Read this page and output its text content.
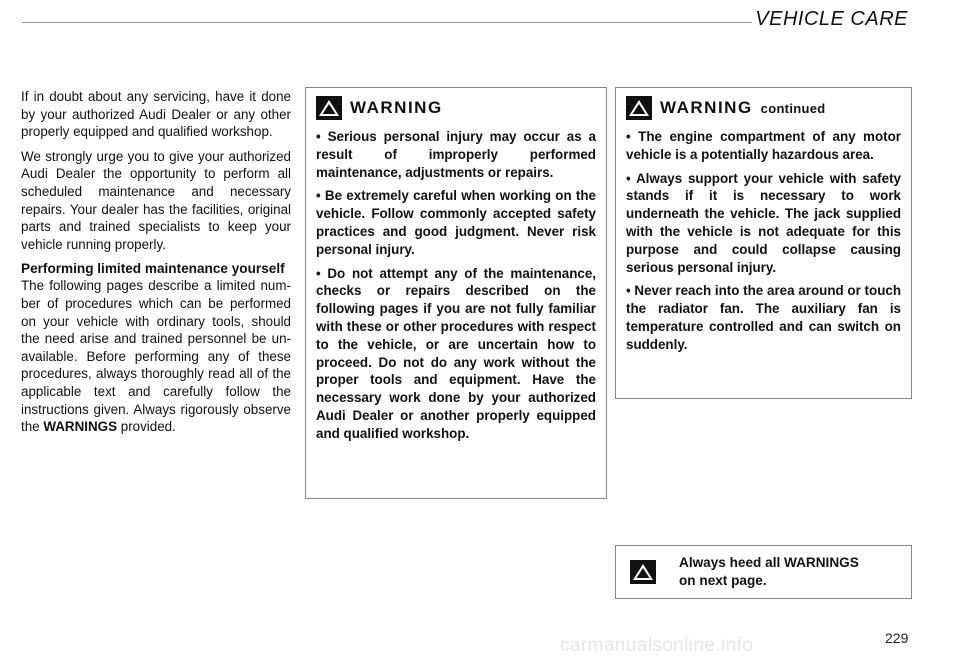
VEHICLE CARE

If in doubt about any servicing, have it done by your authorized Audi Dealer or any other properly equipped and qualified workshop.

We strongly urge you to give your authorized Audi Dealer the opportunity to perform all scheduled maintenance and necessary repairs. Your dealer has the facilities, original parts and trained specialists to keep your vehicle running properly.

Performing limited maintenance yourself

The following pages describe a limited number of procedures which can be performed on your vehicle with ordinary tools, should the need arise and trained personnel be unavailable. Before performing any of these procedures, always thoroughly read all of the applicable text and carefully follow the instructions given. Always rigorously observe the WARNINGS provided.

WARNING

• Serious personal injury may occur as a result of improperly performed maintenance, adjustments or repairs.

• Be extremely careful when working on the vehicle. Follow commonly accepted safety practices and good judgment. Never risk personal injury.

• Do not attempt any of the maintenance, checks or repairs described on the following pages if you are not fully familiar with these or other procedures with respect to the vehicle, or are uncertain how to proceed. Do not do any work without the proper tools and equipment. Have the necessary work done by your authorized Audi Dealer or another properly equipped and qualified workshop.

WARNING continued

• The engine compartment of any motor vehicle is a potentially hazardous area.

• Always support your vehicle with safety stands if it is necessary to work underneath the vehicle. The jack supplied with the vehicle is not adequate for this purpose and could collapse causing serious personal injury.

• Never reach into the area around or touch the radiator fan. The auxiliary fan is temperature controlled and can switch on suddenly.

Always heed all WARNINGS
on next page.
carmanualsonline.info	229
